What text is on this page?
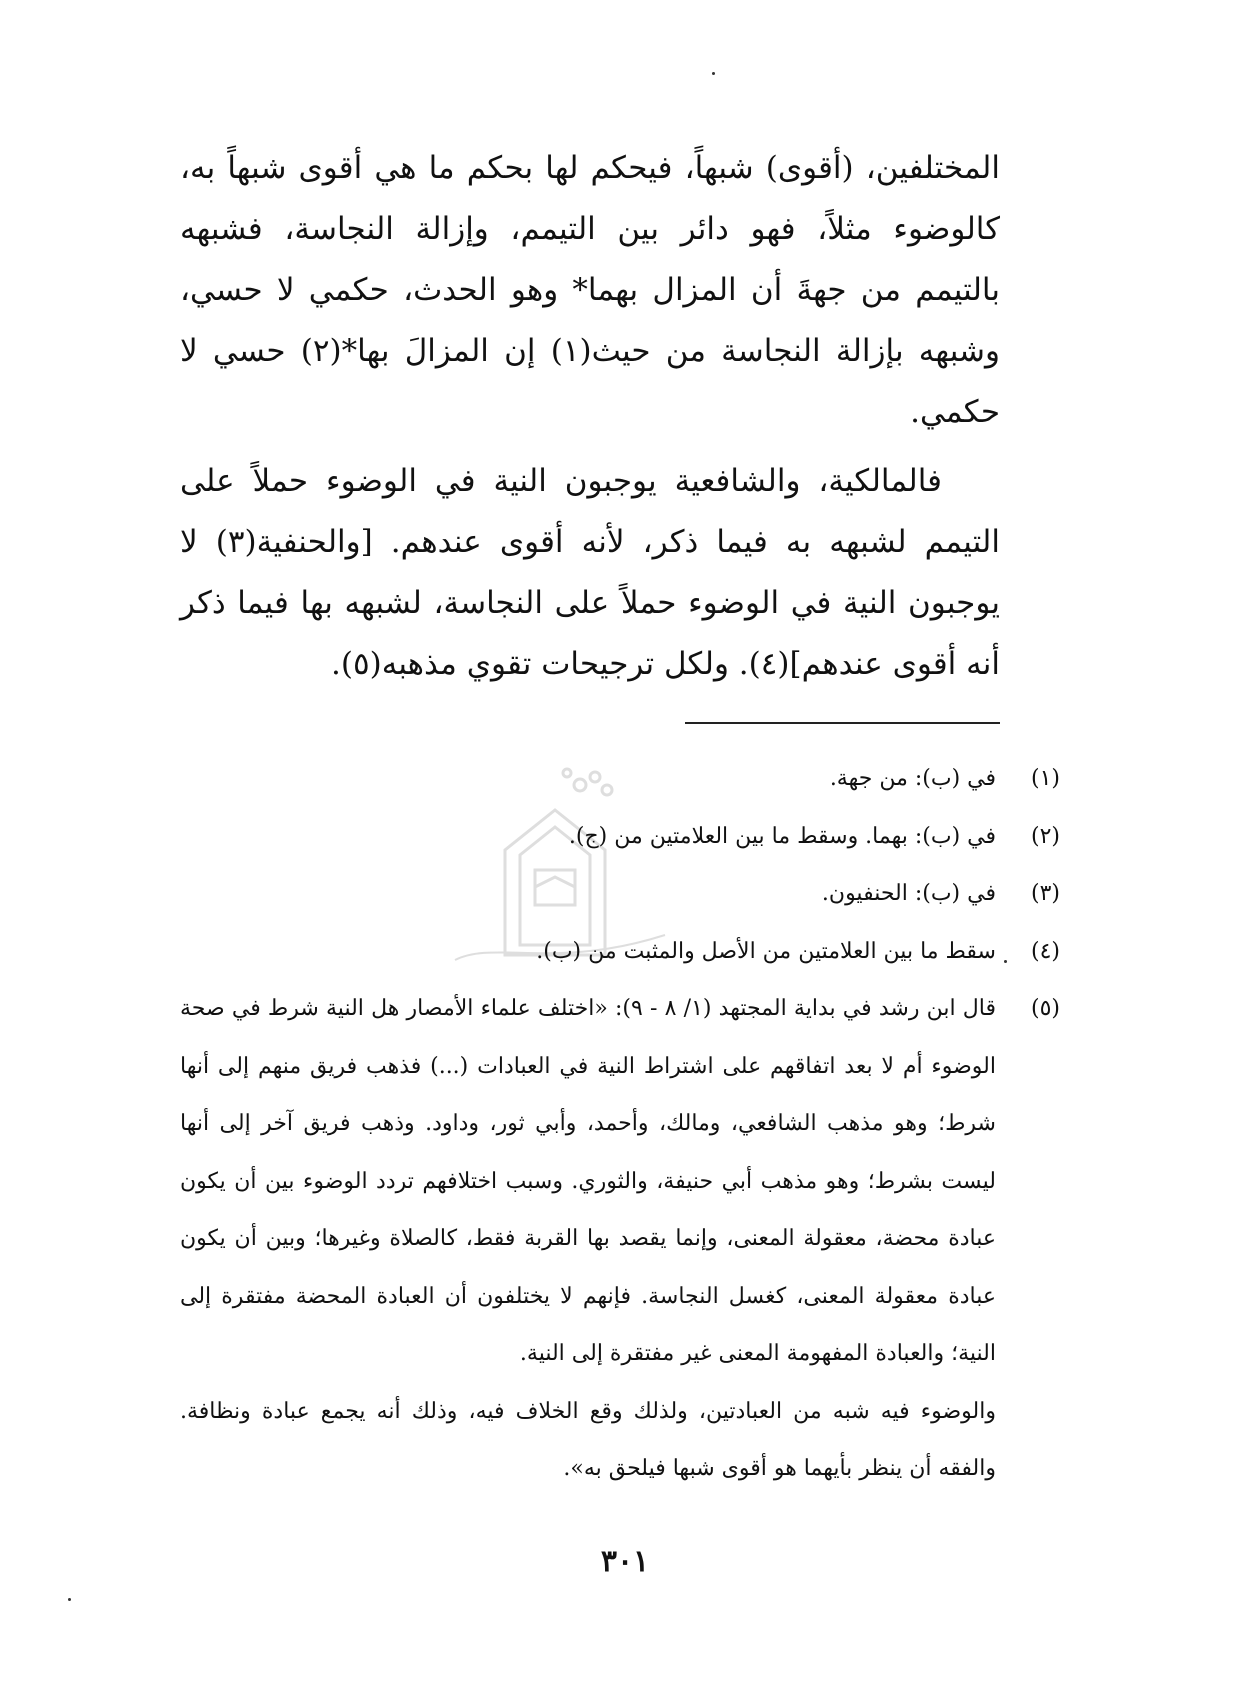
المختلفين، (أقوى) شبهاً، فيحكم لها بحكم ما هي أقوى شبهاً به، كالوضوء مثلاً، فهو دائر بين التيمم، وإزالة النجاسة، فشبهه بالتيمم من جهةَ أن المزال بهما* وهو الحدث، حكمي لا حسي، وشبهه بإزالة النجاسة من حيث(١) إن المزالَ بها*(٢) حسي لا حكمي.

فالمالكية، والشافعية يوجبون النية في الوضوء حملاً على التيمم لشبهه به فيما ذكر، لأنه أقوى عندهم. [والحنفية(٣) لا يوجبون النية في الوضوء حملاً على النجاسة، لشبهه بها فيما ذكر أنه أقوى عندهم](٤). ولكل ترجيحات تقوي مذهبه(٥).

(١)
في (ب): من جهة.
(٢)
في (ب): بهما. وسقط ما بين العلامتين من (ج).
(٣)
في (ب): الحنفيون.
(٤)
سقط ما بين العلامتين من الأصل والمثبت من (ب).
(٥)
قال ابن رشد في بداية المجتهد (١/ ٨ - ٩): «اختلف علماء الأمصار هل النية شرط في صحة الوضوء أم لا بعد اتفاقهم على اشتراط النية في العبادات (...) فذهب فريق منهم إلى أنها شرط؛ وهو مذهب الشافعي، ومالك، وأحمد، وأبي ثور، وداود. وذهب فريق آخر إلى أنها ليست بشرط؛ وهو مذهب أبي حنيفة، والثوري. وسبب اختلافهم تردد الوضوء بين أن يكون عبادة محضة، معقولة المعنى، وإنما يقصد بها القربة فقط، كالصلاة وغيرها؛ وبين أن يكون عبادة معقولة المعنى، كغسل النجاسة. فإنهم لا يختلفون أن العبادة المحضة مفتقرة إلى النية؛ والعبادة المفهومة المعنى غير مفتقرة إلى النية.
والوضوء فيه شبه من العبادتين، ولذلك وقع الخلاف فيه، وذلك أنه يجمع عبادة ونظافة. والفقه أن ينظر بأيهما هو أقوى شبها فيلحق به».
٣٠١
